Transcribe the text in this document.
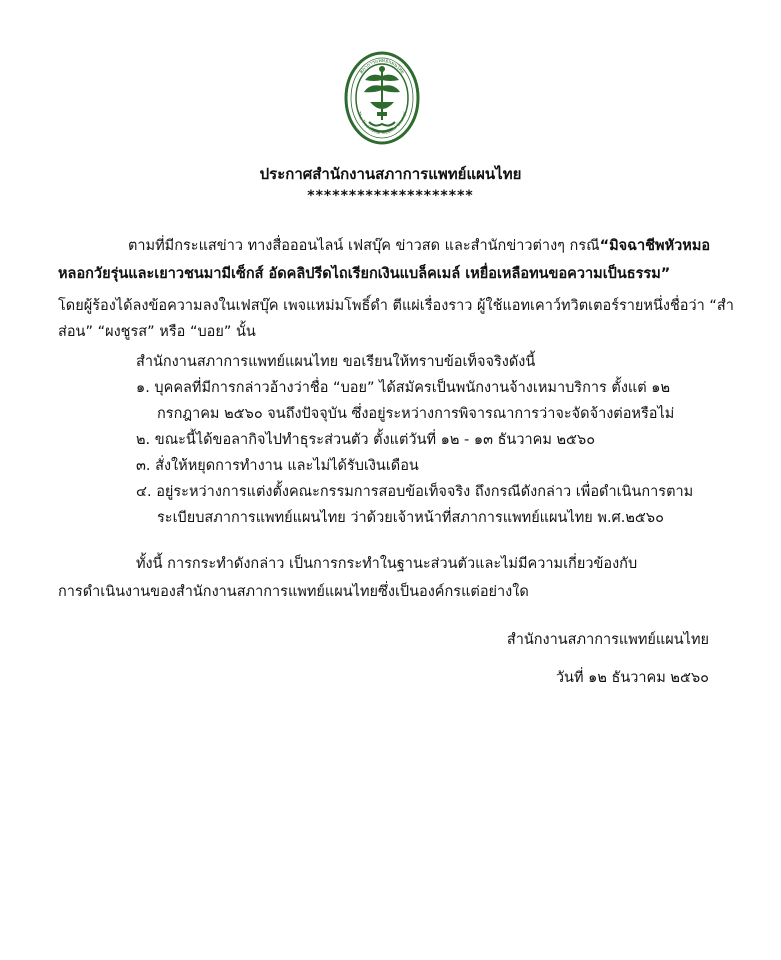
สภาการแพทย์แผนไทย
The Traditional Medical Council
ประกาศสำนักงานสภาการแพทย์แผนไทย
********************
ตามที่มีกระแสข่าว ทางสื่อออนไลน์ เฟสบุ๊ค ข่าวสด และสำนักข่าวต่างๆ กรณี“มิจฉาชีพหัวหมอ
หลอกวัยรุ่นและเยาวชนมามีเซ็กส์ อัดคลิปรีดไถเรียกเงินแบล็คเมล์ เหยื่อเหลือทนขอความเป็นธรรม”
โดยผู้ร้องได้ลงข้อความลงในเฟสบุ๊ค เพจแหม่มโพธิ์ดำ ตีแผ่เรื่องราว ผู้ใช้แอทเคาว์ทวิตเตอร์รายหนึ่งชื่อว่า “สำ
ส่อน” “ผงชูรส” หรือ “บอย” นั้น
สำนักงานสภาการแพทย์แผนไทย ขอเรียนให้ทราบข้อเท็จจริงดังนี้
๑. บุคคลที่มีการกล่าวอ้างว่าชื่อ “บอย” ได้สมัครเป็นพนักงานจ้างเหมาบริการ ตั้งแต่ ๑๒
กรกฎาคม ๒๕๖๐ จนถึงปัจจุบัน ซึ่งอยู่ระหว่างการพิจารณาการว่าจะจัดจ้างต่อหรือไม่
๒. ขณะนี้ได้ขอลากิจไปทำธุระส่วนตัว ตั้งแต่วันที่ ๑๒ - ๑๓ ธันวาคม ๒๕๖๐
๓. สั่งให้หยุดการทำงาน และไม่ได้รับเงินเดือน
๔. อยู่ระหว่างการแต่งตั้งคณะกรรมการสอบข้อเท็จจริง ถึงกรณีดังกล่าว เพื่อดำเนินการตาม
ระเบียบสภาการแพทย์แผนไทย ว่าด้วยเจ้าหน้าที่สภาการแพทย์แผนไทย พ.ศ.๒๕๖๐
ทั้งนี้ การกระทำดังกล่าว เป็นการกระทำในฐานะส่วนตัวและไม่มีความเกี่ยวข้องกับ
การดำเนินงานของสำนักงานสภาการแพทย์แผนไทยซึ่งเป็นองค์กรแต่อย่างใด
สำนักงานสภาการแพทย์แผนไทย
วันที่ ๑๒ ธันวาคม ๒๕๖๐
